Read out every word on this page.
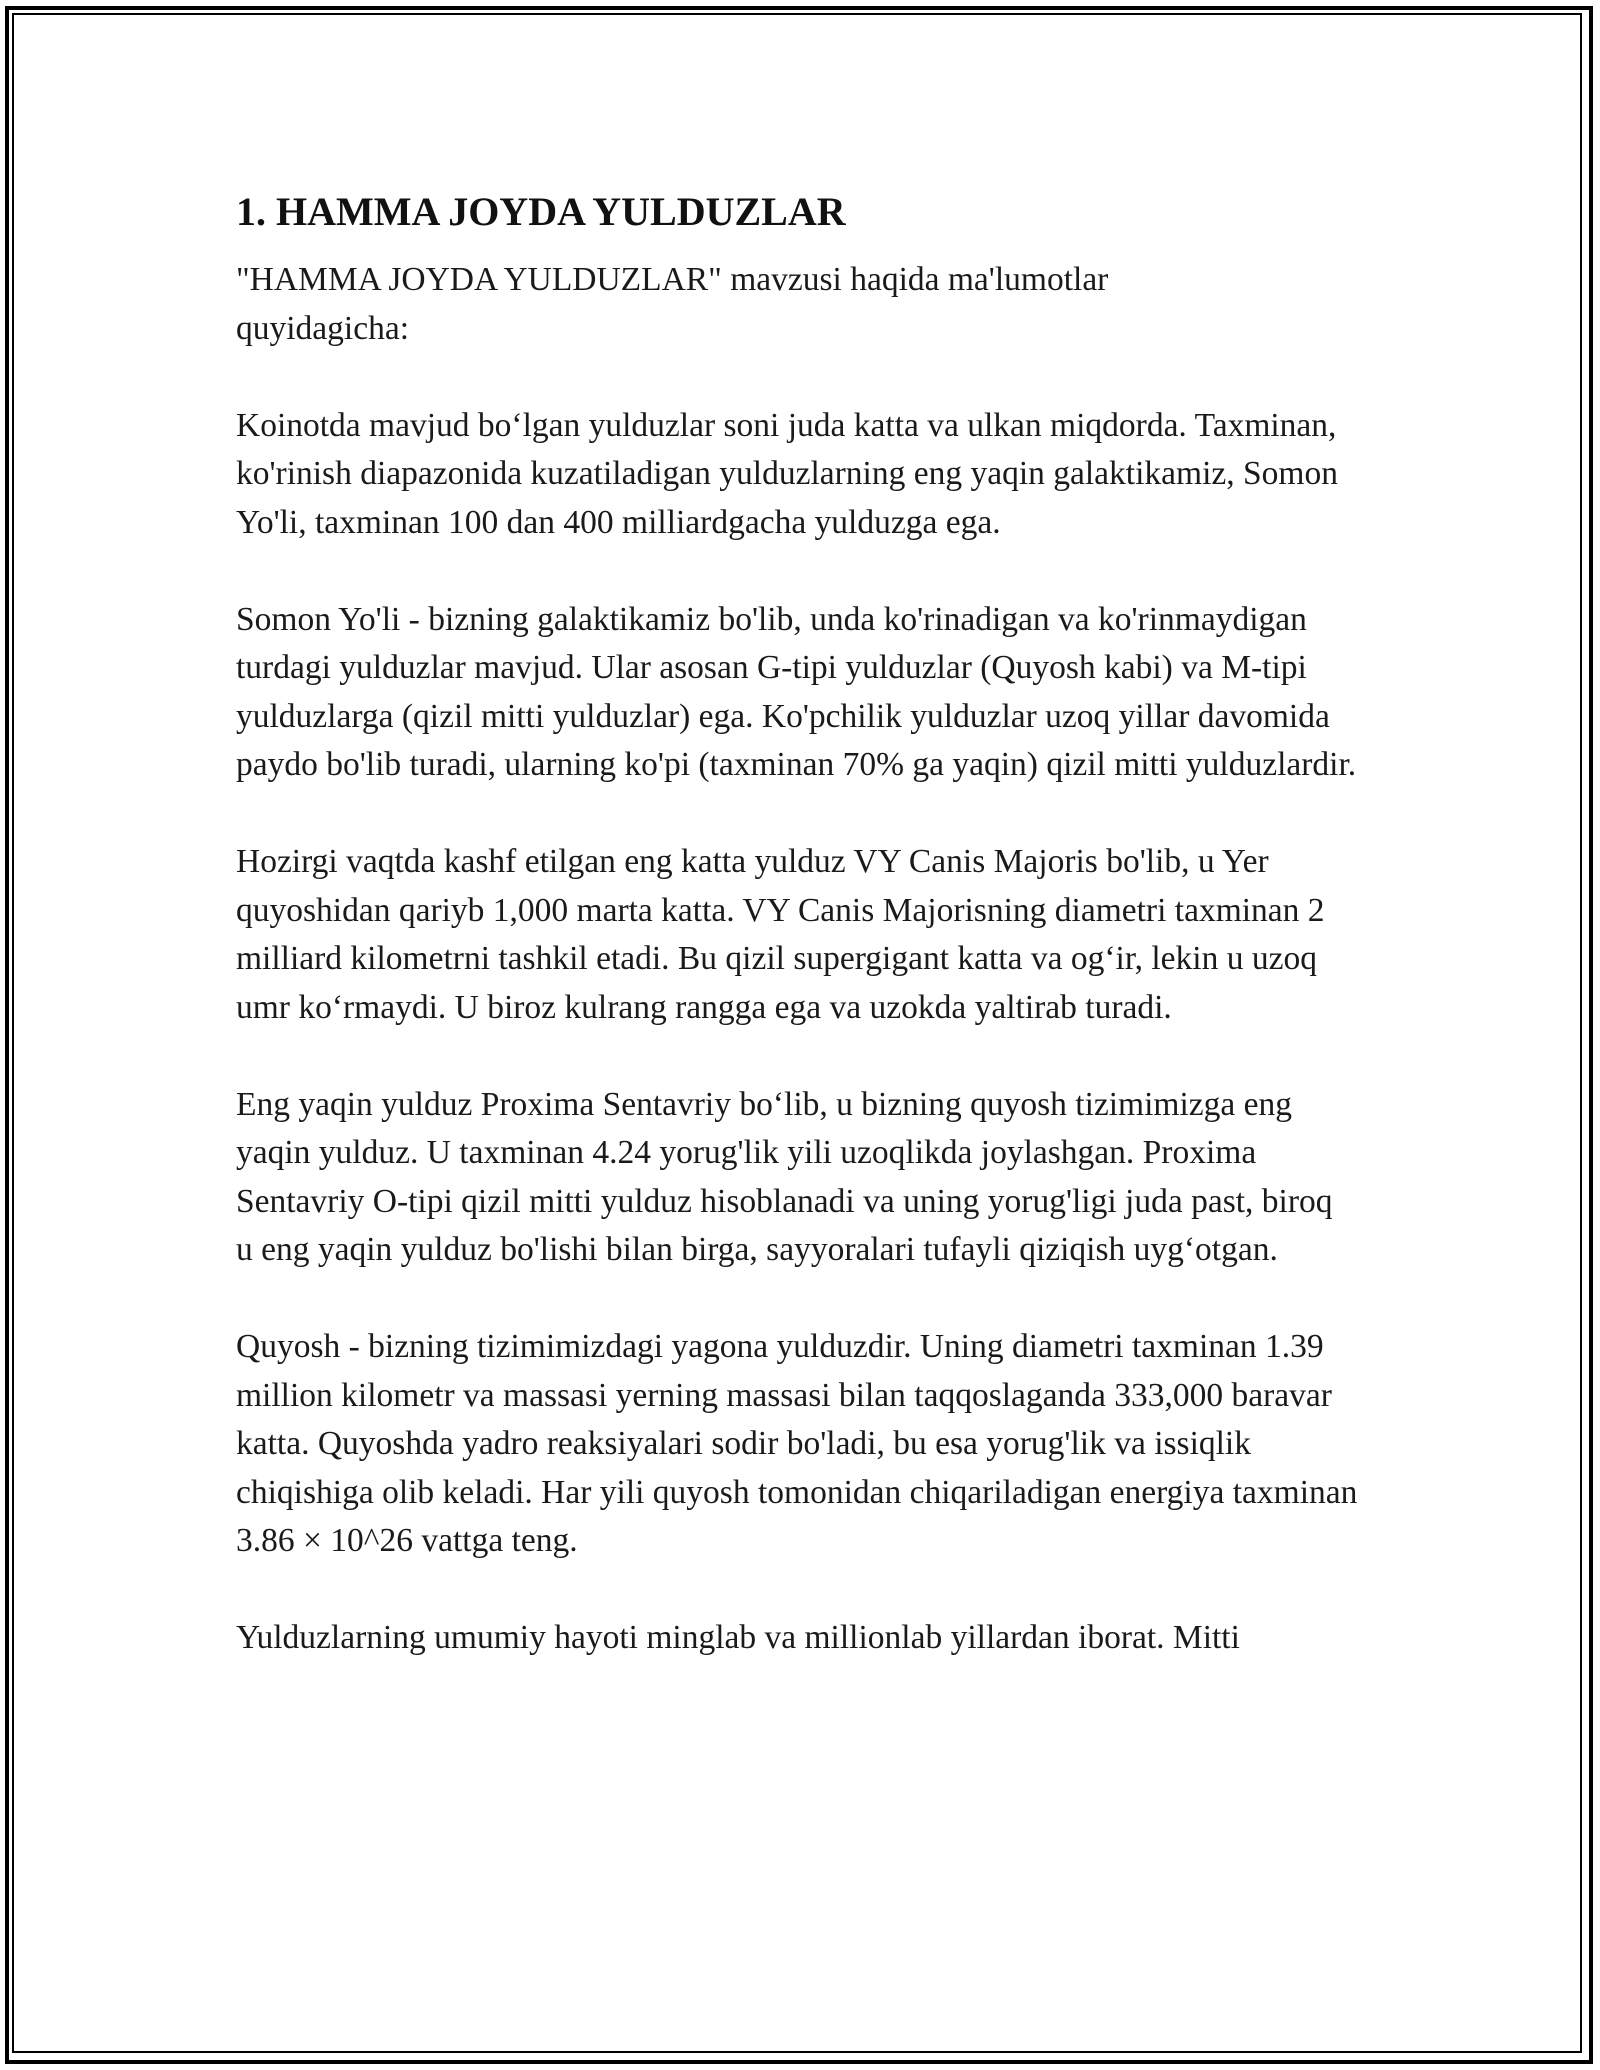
1. HAMMA JOYDA YULDUZLAR

"HAMMA JOYDA YULDUZLAR" mavzusi haqida ma'lumotlar quyidagicha:

Koinotda mavjud bo‘lgan yulduzlar soni juda katta va ulkan miqdorda. Taxminan, ko'rinish diapazonida kuzatiladigan yulduzlarning eng yaqin galaktikamiz, Somon Yo'li, taxminan 100 dan 400 milliardgacha yulduzga ega.

Somon Yo'li - bizning galaktikamiz bo'lib, unda ko'rinadigan va ko'rinmaydigan turdagi yulduzlar mavjud. Ular asosan G-tipi yulduzlar (Quyosh kabi) va M-tipi yulduzlarga (qizil mitti yulduzlar) ega. Ko'pchilik yulduzlar uzoq yillar davomida paydo bo'lib turadi, ularning ko'pi (taxminan 70% ga yaqin) qizil mitti yulduzlardir.

Hozirgi vaqtda kashf etilgan eng katta yulduz VY Canis Majoris bo'lib, u Yer quyoshidan qariyb 1,000 marta katta. VY Canis Majorisning diametri taxminan 2 milliard kilometrni tashkil etadi. Bu qizil supergigant katta va og‘ir, lekin u uzoq umr ko‘rmaydi. U biroz kulrang rangga ega va uzokda yaltirab turadi.

Eng yaqin yulduz Proxima Sentavriy bo‘lib, u bizning quyosh tizimimizga eng yaqin yulduz. U taxminan 4.24 yorug'lik yili uzoqlikda joylashgan. Proxima Sentavriy O-tipi qizil mitti yulduz hisoblanadi va uning yorug'ligi juda past, biroq u eng yaqin yulduz bo'lishi bilan birga, sayyoralari tufayli qiziqish uyg‘otgan.

Quyosh - bizning tizimimizdagi yagona yulduzdir. Uning diametri taxminan 1.39 million kilometr va massasi yerning massasi bilan taqqoslaganda 333,000 baravar katta. Quyoshda yadro reaksiyalari sodir bo'ladi, bu esa yorug'lik va issiqlik chiqishiga olib keladi. Har yili quyosh tomonidan chiqariladigan energiya taxminan 3.86 × 10^26 vattga teng.

Yulduzlarning umumiy hayoti minglab va millionlab yillardan iborat. Mitti
